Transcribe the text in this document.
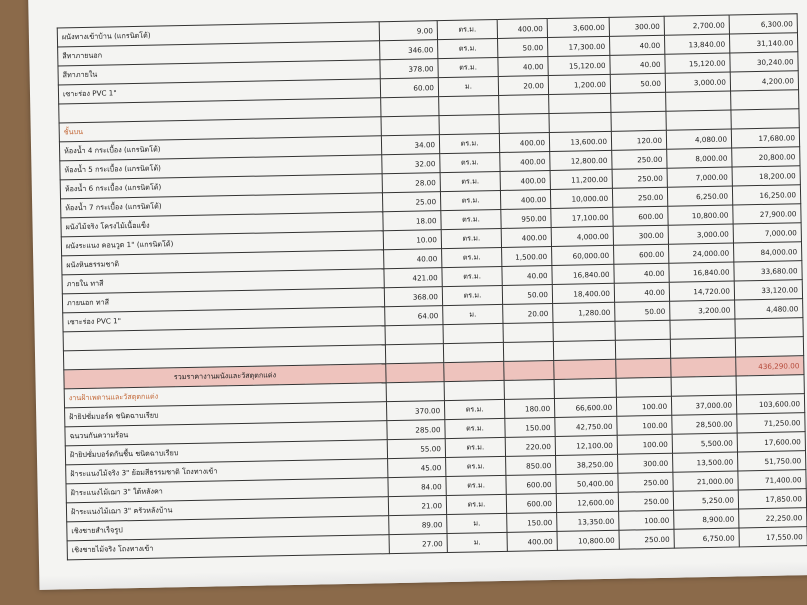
ผนังทางเข้าบ้าน (แกรนิตโต้)	9.00	ตร.ม.	400.00	3,600.00	300.00	2,700.00	6,300.00
สีทาภายนอก	346.00	ตร.ม.	50.00	17,300.00	40.00	13,840.00	31,140.00
สีทาภายใน	378.00	ตร.ม.	40.00	15,120.00	40.00	15,120.00	30,240.00
เซาะร่อง PVC 1"	60.00	ม.	20.00	1,200.00	50.00	3,000.00	4,200.00

ชั้นบน							
ห้องน้ำ 4 กระเบื้อง (แกรนิตโต้)	34.00	ตร.ม.	400.00	13,600.00	120.00	4,080.00	17,680.00
ห้องน้ำ 5 กระเบื้อง (แกรนิตโต้)	32.00	ตร.ม.	400.00	12,800.00	250.00	8,000.00	20,800.00
ห้องน้ำ 6 กระเบื้อง (แกรนิตโต้)	28.00	ตร.ม.	400.00	11,200.00	250.00	7,000.00	18,200.00
ห้องน้ำ 7 กระเบื้อง (แกรนิตโต้)	25.00	ตร.ม.	400.00	10,000.00	250.00	6,250.00	16,250.00
ผนังไม้จริง โครงไม้เนื้อแข็ง	18.00	ตร.ม.	950.00	17,100.00	600.00	10,800.00	27,900.00
ผนังระแนง คอนวูด 1" (แกรนิตโต้)	10.00	ตร.ม.	400.00	4,000.00	300.00	3,000.00	7,000.00
ผนังหินธรรมชาติ	40.00	ตร.ม.	1,500.00	60,000.00	600.00	24,000.00	84,000.00
ภายใน ทาสี	421.00	ตร.ม.	40.00	16,840.00	40.00	16,840.00	33,680.00
ภายนอก ทาสี	368.00	ตร.ม.	50.00	18,400.00	40.00	14,720.00	33,120.00
เซาะร่อง PVC 1"	64.00	ม.	20.00	1,280.00	50.00	3,200.00	4,480.00

รวมราคางานผนังและวัสดุตกแต่ง							436,290.00
งานฝ้าเพดานและวัสดุตกแต่ง							
ฝ้ายิปซั่มบอร์ด ชนิดฉาบเรียบ	370.00	ตร.ม.	180.00	66,600.00	100.00	37,000.00	103,600.00
ฉนวนกันความร้อน	285.00	ตร.ม.	150.00	42,750.00	100.00	28,500.00	71,250.00
ฝ้ายิปซั่มบอร์ดกันชื้น ชนิดฉาบเรียบ	55.00	ตร.ม.	220.00	12,100.00	100.00	5,500.00	17,600.00
ฝ้าระแนงไม้จริง 3" ย้อมสีธรรมชาติ โถงทางเข้า	45.00	ตร.ม.	850.00	38,250.00	300.00	13,500.00	51,750.00
ฝ้าระแนงไม้เฌา 3" ใต้หลังคา	84.00	ตร.ม.	600.00	50,400.00	250.00	21,000.00	71,400.00
ฝ้าระแนงไม้เฌา 3" ครัวหลังบ้าน	21.00	ตร.ม.	600.00	12,600.00	250.00	5,250.00	17,850.00
เชิงชายสำเร็จรูป	89.00	ม.	150.00	13,350.00	100.00	8,900.00	22,250.00
เชิงชายไม้จริง โถงทางเข้า	27.00	ม.	400.00	10,800.00	250.00	6,750.00	17,550.00
